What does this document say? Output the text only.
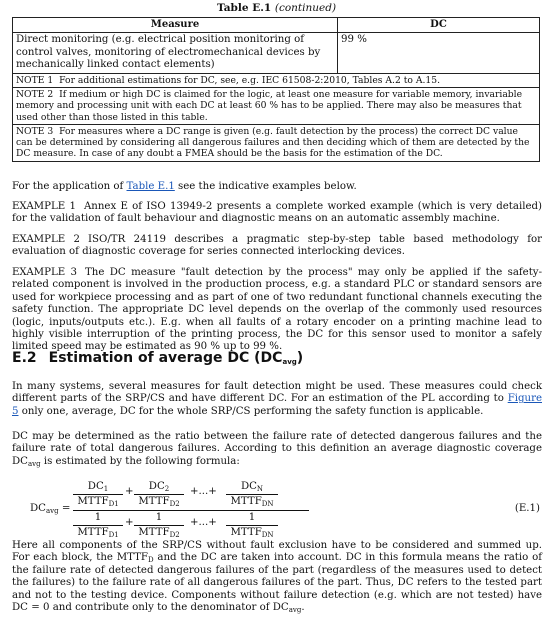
Table E.1 (continued)
Measure	DC
Direct monitoring (e.g. electrical position monitoring of control valves, monitoring of electromechanical devices by mechanically linked contact elements)	99 %
NOTE 1 For additional estimations for DC, see, e.g. IEC 61508-2:2010, Tables A.2 to A.15.	
NOTE 2 If medium or high DC is claimed for the logic, at least one measure for variable memory, invariable memory and processing unit with each DC at least 60 % has to be applied. There may also be measures that used other than those listed in this table.	
NOTE 3 For measures where a DC range is given (e.g. fault detection by the process) the correct DC value can be determined by considering all dangerous failures and then deciding which of them are detected by the DC measure. In case of any doubt a FMEA should be the basis for the estimation of the DC.	
For the application of Table E.1 see the indicative examples below.
EXAMPLE 1 Annex E of ISO 13949-2 presents a complete worked example (which is very detailed) for the validation of fault behaviour and diagnostic means on an automatic assembly machine.
EXAMPLE 2 ISO/TR 24119 describes a pragmatic step-by-step table based methodology for evaluation of diagnostic coverage for series connected interlocking devices.
EXAMPLE 3 The DC measure "fault detection by the process" may only be applied if the safety-related component is involved in the production process, e.g. a standard PLC or standard sensors are used for workpiece processing and as part of one of two redundant functional channels executing the safety function. The appropriate DC level depends on the overlap of the commonly used resources (logic, inputs/outputs etc.). E.g. when all faults of a rotary encoder on a printing machine lead to highly visible interruption of the printing process, the DC for this sensor used to monitor a safely limited speed may be estimated as 90 % up to 99 %.
E.2 Estimation of average DC $(DC_{avg})$
In many systems, several measures for fault detection might be used. These measures could check different parts of the SRP/CS and have different DC. For an estimation of the PL according to Figure 5 only one, average, DC for the whole SRP/CS performing the safety function is applicable.
DC may be determined as the ratio between the failure rate of detected dangerous failures and the failure rate of total dangerous failures. According to this definition an average diagnostic coverage $DC_{avg}$ is estimated by the following formula:
$DC_{avg}$ =
$DC_1$
$MTTF_{D1}$
+	$DC_2$
$MTTF_{D2}$
+...+	$DC_N$
$MTTF_{DN}$
1
$MTTF_{D1}$
+	1
$MTTF_{D2}$
+...+	1
$MTTF_{DN}$
(E.1)
Here all components of the SRP/CS without fault exclusion have to be considered and summed up. For each block, the $MTTF_D$ and the DC are taken into account. DC in this formula means the ratio of the failure rate of detected dangerous failures of the part (regardless of the measures used to detect the failures) to the failure rate of all dangerous failures of the part. Thus, DC refers to the tested part and not to the testing device. Components without failure detection (e.g. which are not tested) have DC = 0 and contribute only to the denominator of $DC_{avg}$.
